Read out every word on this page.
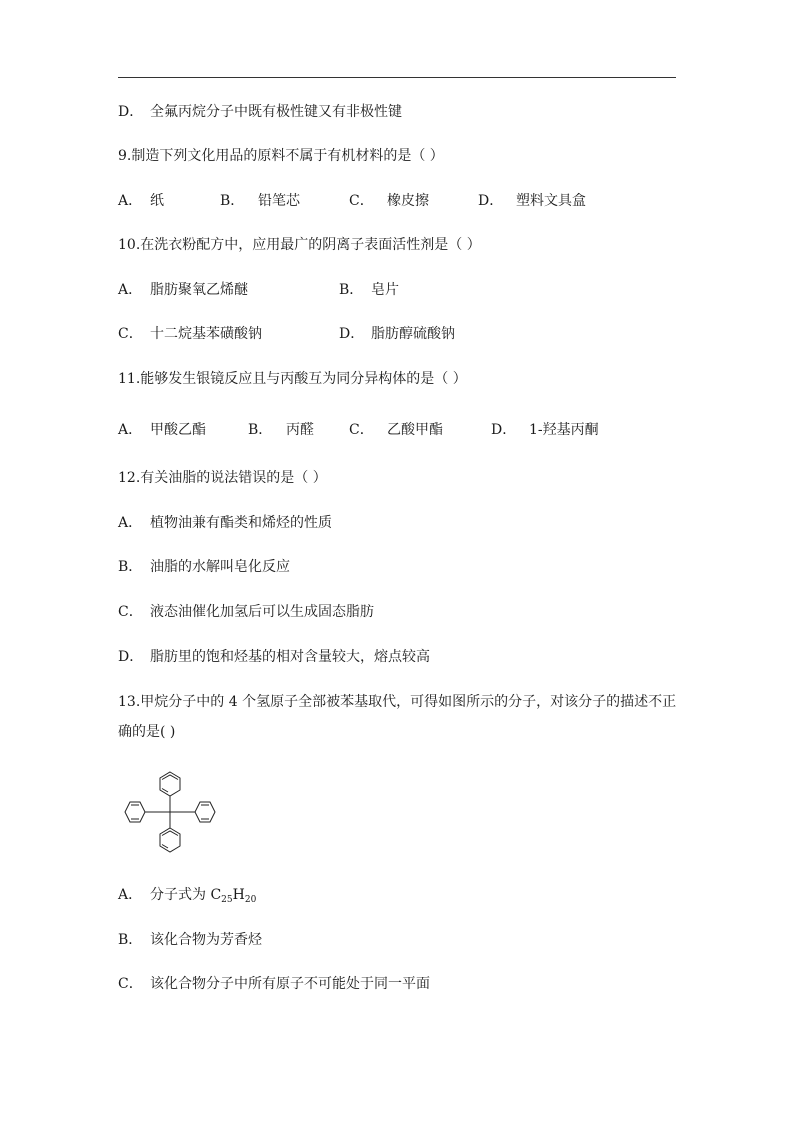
D． 全氟丙烷分子中既有极性键又有非极性键
9.制造下列文化用品的原料不属于有机材料的是（ ）
A． 纸	B． 铅笔芯	C． 橡皮擦	D． 塑料文具盒
10.在洗衣粉配方中，应用最广的阴离子表面活性剂是（ ）
A． 脂肪聚氧乙烯醚	B． 皂片
C． 十二烷基苯磺酸钠	D． 脂肪醇硫酸钠
11.能够发生银镜反应且与丙酸互为同分异构体的是（ ）
A． 甲酸乙酯	B． 丙醛	C． 乙酸甲酯	D． 1-羟基丙酮
12.有关油脂的说法错误的是（ ）
A． 植物油兼有酯类和烯烃的性质
B． 油脂的水解叫皂化反应
C． 液态油催化加氢后可以生成固态脂肪
D． 脂肪里的饱和烃基的相对含量较大，熔点较高
13.甲烷分子中的 4 个氢原子全部被苯基取代，可得如图所示的分子，对该分子的描述不正
确的是( )
A． 分子式为 $C_{25}H_{20}$
B． 该化合物为芳香烃
C． 该化合物分子中所有原子不可能处于同一平面
